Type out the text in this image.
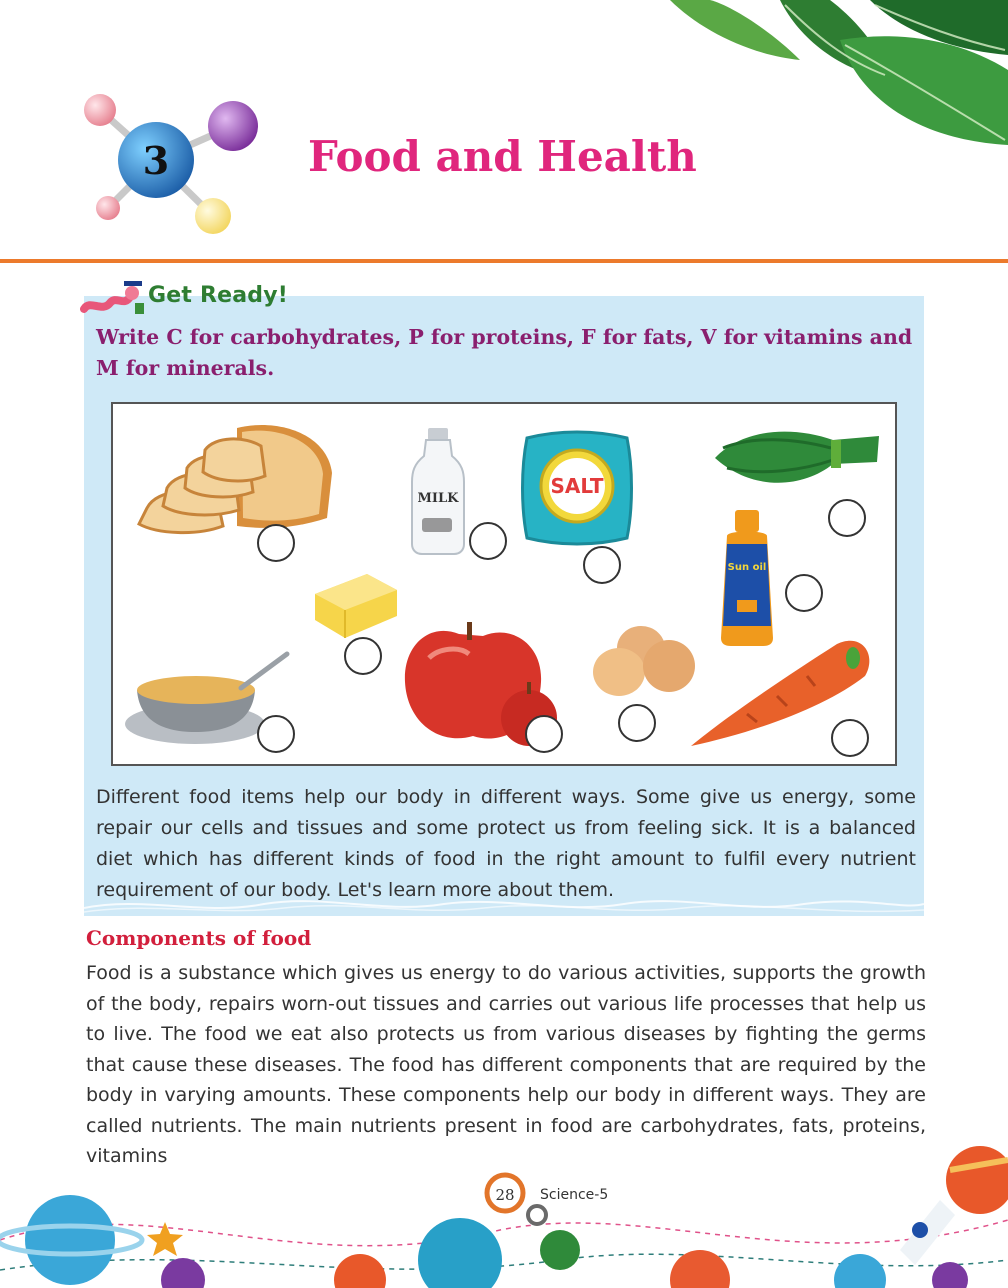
3	Food and Health
Get Ready!

Write C for carbohydrates, P for proteins, F for fats, V for vitamins and M for minerals.

MILK
SALT
Sun oil

Different food items help our body in different ways. Some give us energy, some repair our cells and tissues and some protect us from feeling sick. It is a balanced diet which has different kinds of food in the right amount to fulfil every nutrient requirement of our body. Let's learn more about them.

Components of food

Food is a substance which gives us energy to do various activities, supports the growth of the body, repairs worn-out tissues and carries out various life processes that help us to live. The food we eat also protects us from various diseases by fighting the germs that cause these diseases. The food has different components that are required by the body in varying amounts. These components help our body in different ways. They are called nutrients. The main nutrients present in food are carbohydrates, fats, proteins, vitamins

28 Science-5
